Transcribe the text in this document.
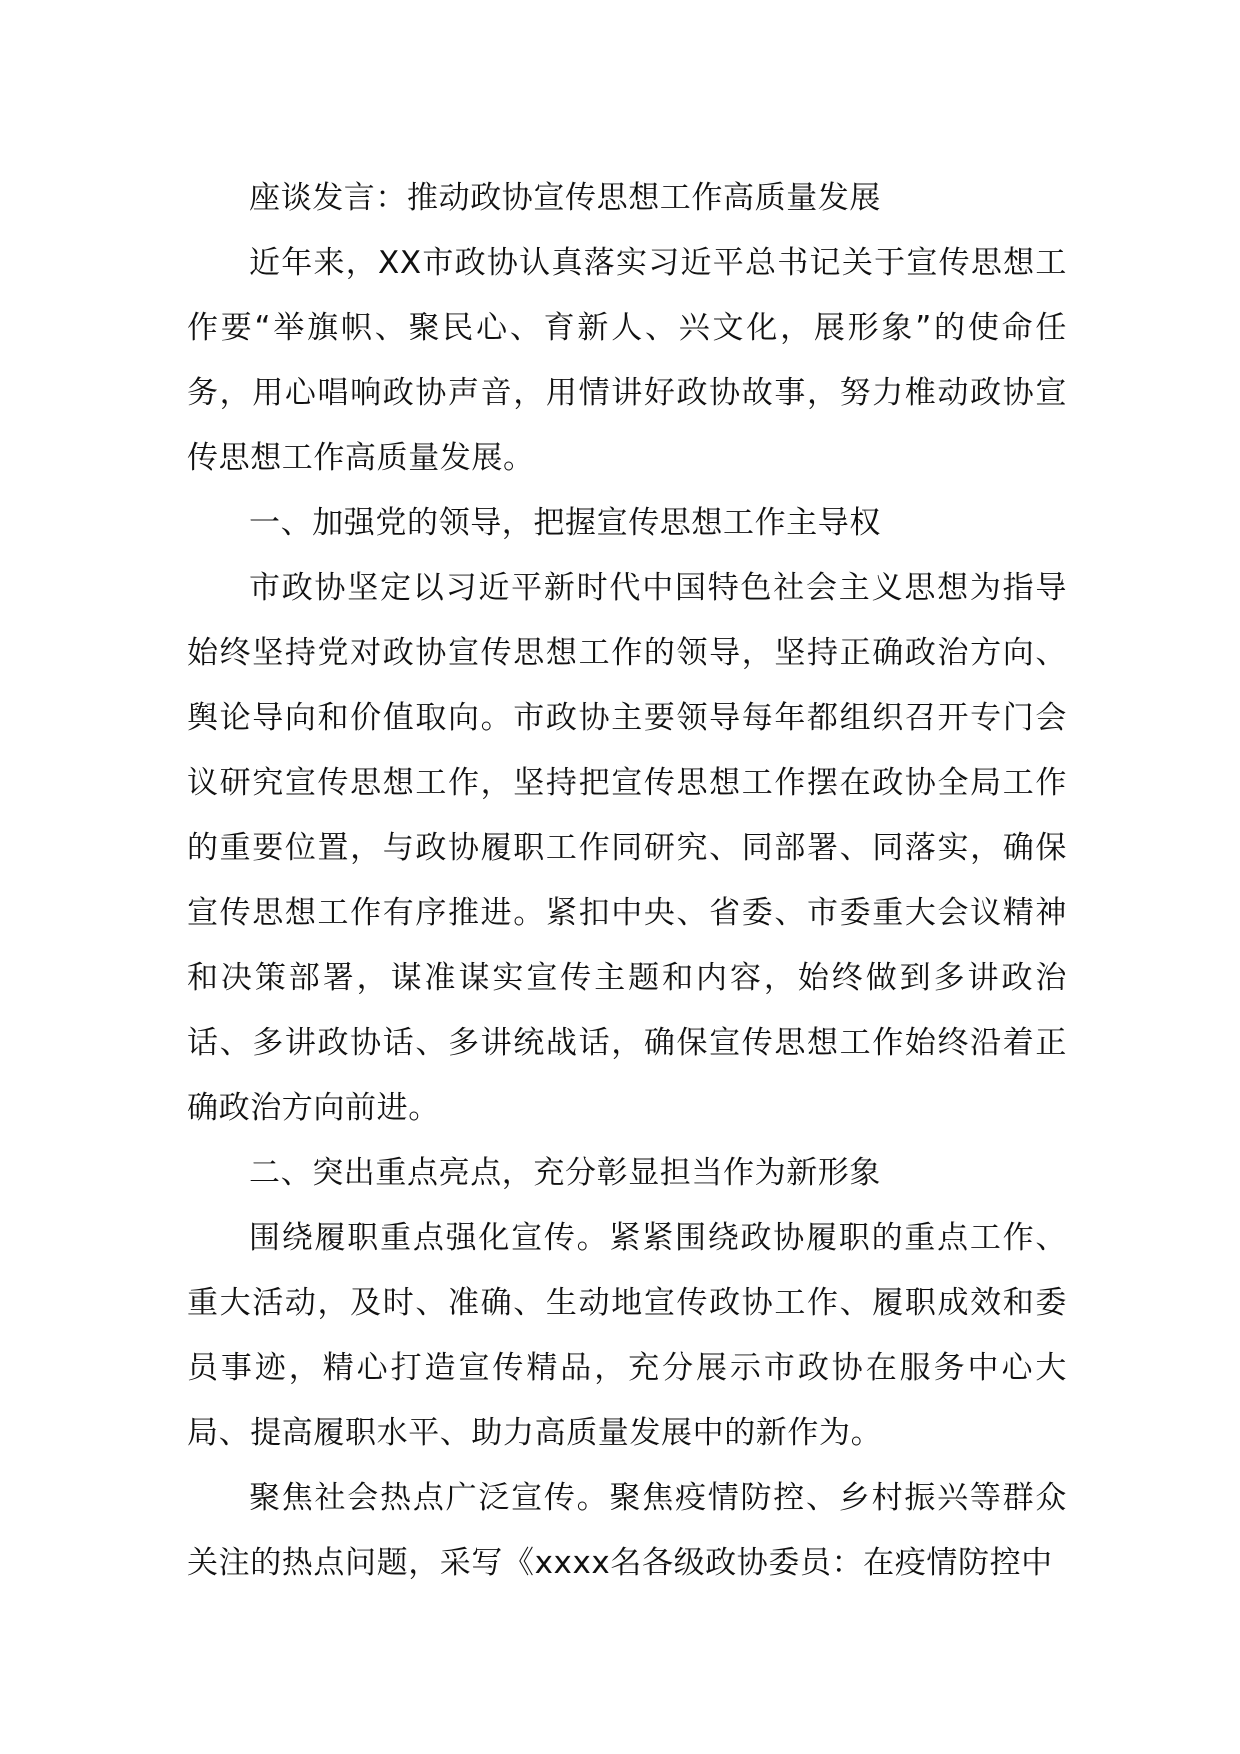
座谈发言：推动政协宣传思想工作高质量发展

近年来，XX市政协认真落实习近平总书记关于宣传思想工作要“举旗帜、聚民心、育新人、兴文化，展形象”的使命任务，用心唱响政协声音，用情讲好政协故事，努力椎动政协宣传思想工作高质量发展。

一、加强党的领导，把握宣传思想工作主导权

市政协坚定以习近平新时代中国特色社会主义思想为指导始终坚持党对政协宣传思想工作的领导，坚持正确政治方向、舆论导向和价值取向。市政协主要领导每年都组织召开专门会议研究宣传思想工作，坚持把宣传思想工作摆在政协全局工作的重要位置，与政协履职工作同研究、同部署、同落实，确保宣传思想工作有序推进。紧扣中央、省委、市委重大会议精神和决策部署，谋准谋实宣传主题和内容，始终做到多讲政治话、多讲政协话、多讲统战话，确保宣传思想工作始终沿着正确政治方向前进。

二、突出重点亮点，充分彰显担当作为新形象

围绕履职重点强化宣传。紧紧围绕政协履职的重点工作、重大活动，及时、准确、生动地宣传政协工作、履职成效和委员事迹，精心打造宣传精品，充分展示市政协在服务中心大局、提高履职水平、助力高质量发展中的新作为。

聚焦社会热点广泛宣传。聚焦疫情防控、乡村振兴等群众关注的热点问题，采写《xxxx名各级政协委员：在疫情防控中
